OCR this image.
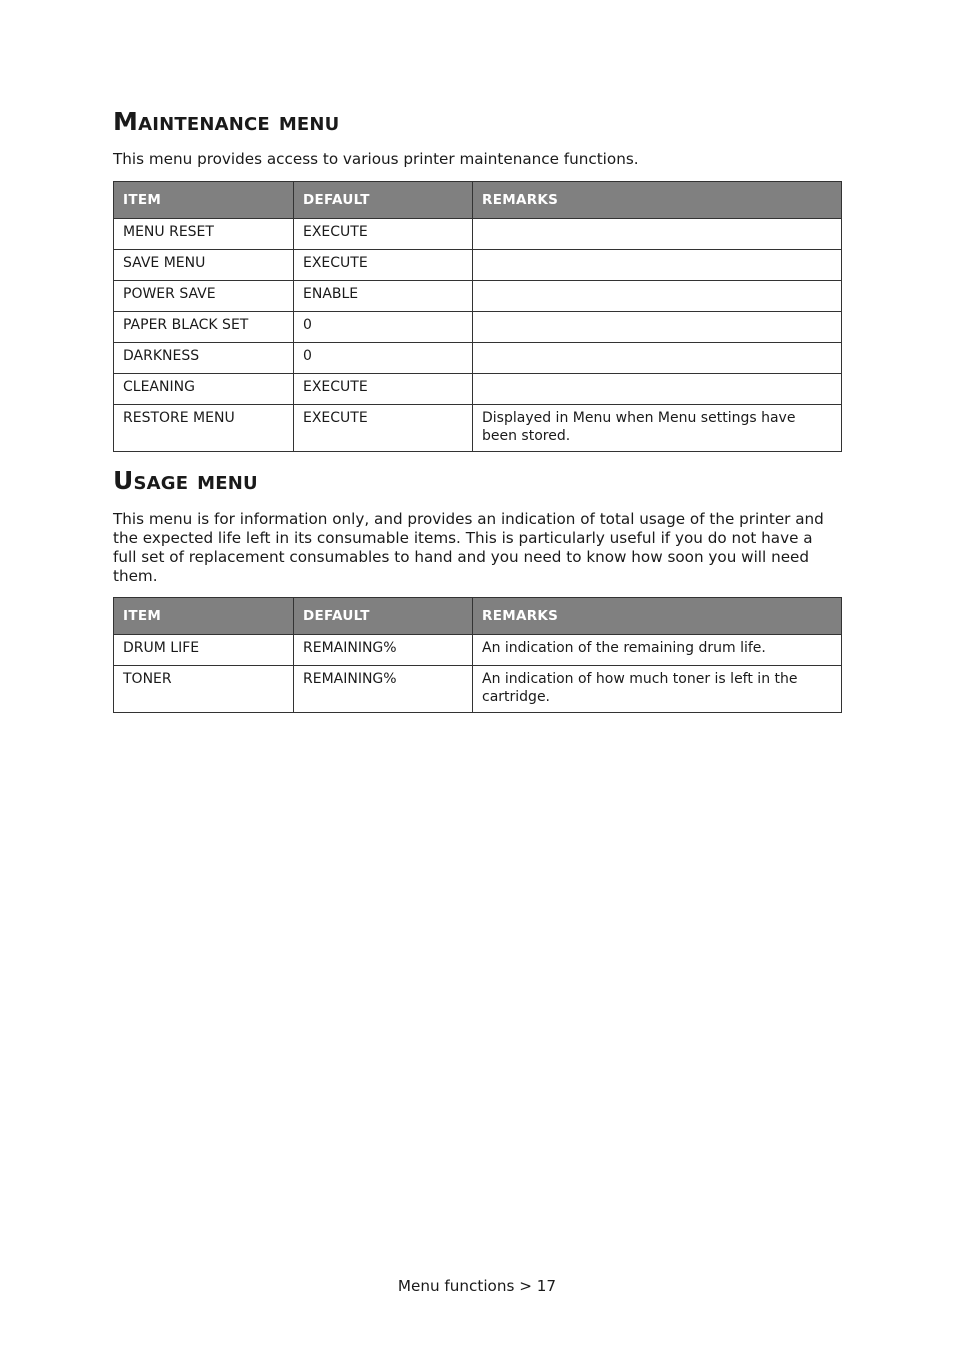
Maintenance menu

This menu provides access to various printer maintenance functions.

ITEM	DEFAULT	REMARKS
MENU RESET	EXECUTE	
SAVE MENU	EXECUTE	
POWER SAVE	ENABLE	
PAPER BLACK SET	0	
DARKNESS	0	
CLEANING	EXECUTE	
RESTORE MENU	EXECUTE	Displayed in Menu when Menu settings have been stored.
Usage menu

This menu is for information only, and provides an indication of total usage of the printer and the expected life left in its consumable items. This is particularly useful if you do not have a full set of replacement consumables to hand and you need to know how soon you will need them.

ITEM	DEFAULT	REMARKS
DRUM LIFE	REMAINING%	An indication of the remaining drum life.
TONER	REMAINING%	An indication of how much toner is left in the cartridge.
Menu functions > 17
